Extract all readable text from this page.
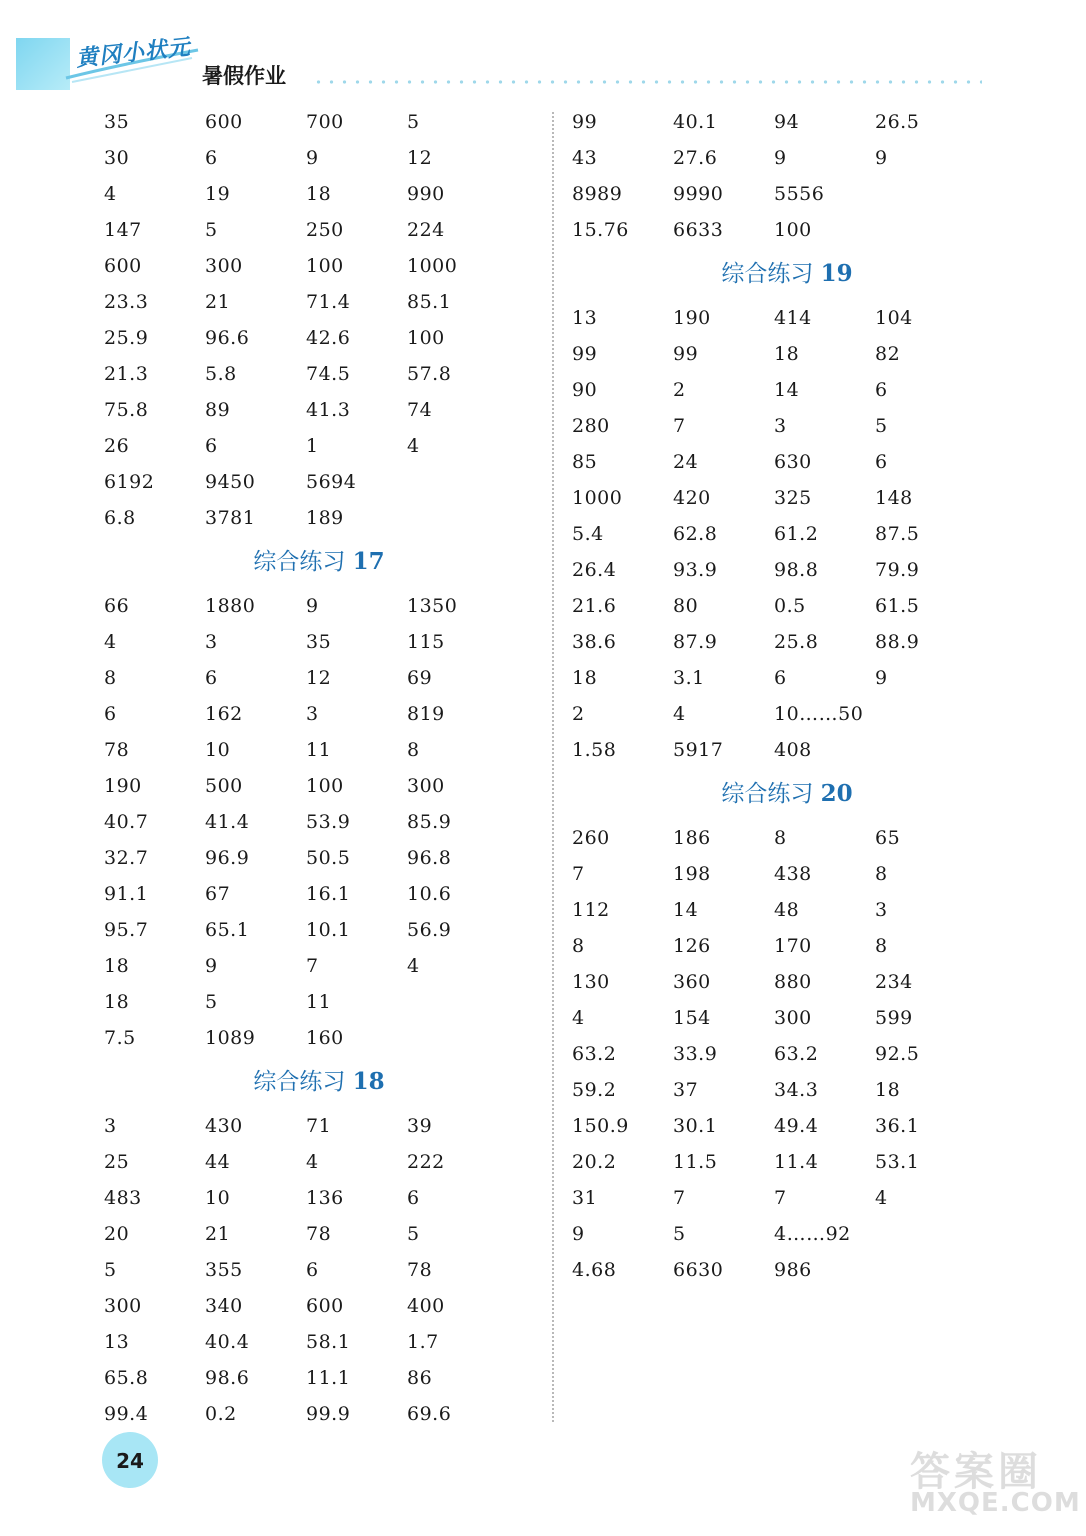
黄冈小状元
暑假作业
35	600	700	5
30	6	9	12
4	19	18	990
147	5	250	224
600	300	100	1000
23.3	21	71.4	85.1
25.9	96.6	42.6	100
21.3	5.8	74.5	57.8
75.8	89	41.3	74
26	6	1	4
6192	9450	5694
6.8	3781	189
综合练习 17
66	1880	9	1350
4	3	35	115
8	6	12	69
6	162	3	819
78	10	11	8
190	500	100	300
40.7	41.4	53.9	85.9
32.7	96.9	50.5	96.8
91.1	67	16.1	10.6
95.7	65.1	10.1	56.9
18	9	7	4
18	5	11
7.5	1089	160
综合练习 18
3	430	71	39
25	44	4	222
483	10	136	6
20	21	78	5
5	355	6	78
300	340	600	400
13	40.4	58.1	1.7
65.8	98.6	11.1	86
99.4	0.2	99.9	69.6
99	40.1	94	26.5
43	27.6	9	9
8989	9990	5556
15.76	6633	100
综合练习 19
13	190	414	104
99	99	18	82
90	2	14	6
280	7	3	5
85	24	630	6
1000	420	325	148
5.4	62.8	61.2	87.5
26.4	93.9	98.8	79.9
21.6	80	0.5	61.5
38.6	87.9	25.8	88.9
18	3.1	6	9
2	4	10……50
1.58	5917	408
综合练习 20
260	186	8	65
7	198	438	8
112	14	48	3
8	126	170	8
130	360	880	234
4	154	300	599
63.2	33.9	63.2	92.5
59.2	37	34.3	18
150.9	30.1	49.4	36.1
20.2	11.5	11.4	53.1
31	7	7	4
9	5	4……92
4.68	6630	986
24	答案圈
MXQE.COM
